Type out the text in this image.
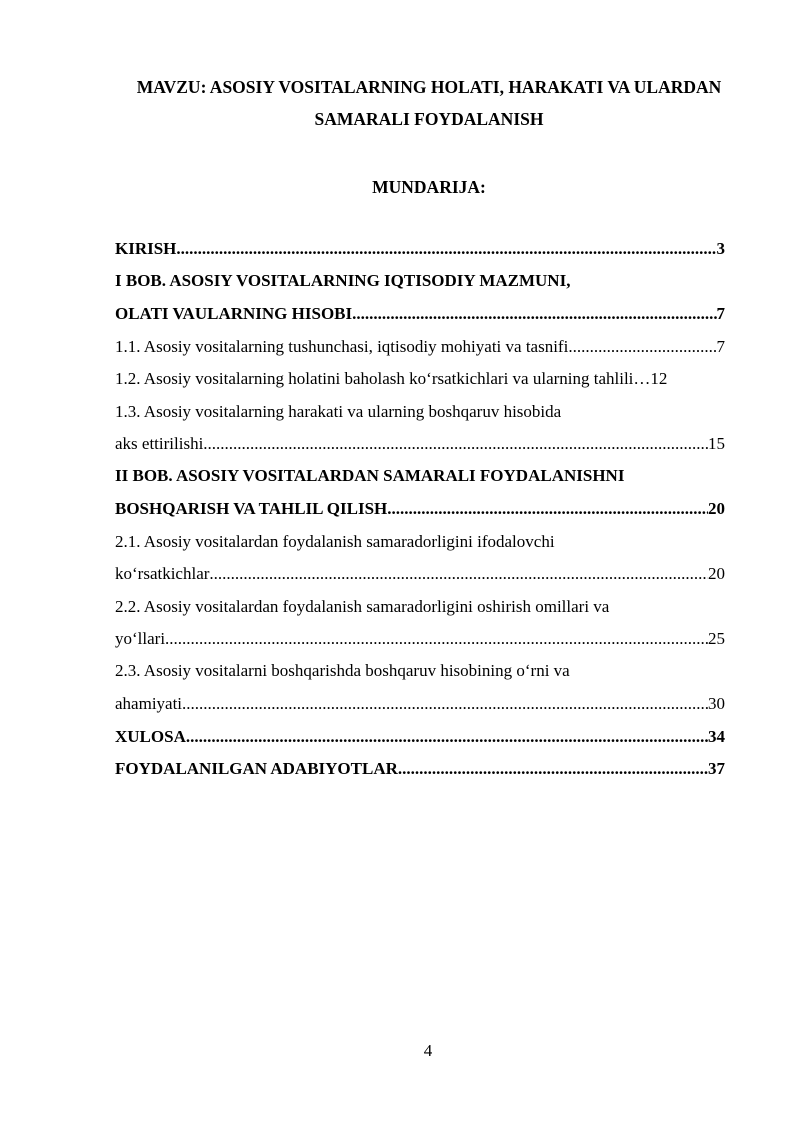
MAVZU: ASOSIY VOSITALARNING HOLATI, HARAKATI VA ULARDAN
SAMARALI FOYDALANISH
MUNDARIJA:
KIRISH .....	3
I BOB. ASOSIY VOSITALARNING IQTISODIY MAZMUNI,
OLATI VAULARNING HISOBI .....	7
1.1. Asosiy vositalarning tushunchasi, iqtisodiy mohiyati va tasnifi .....	7
1.2. Asosiy vositalarning holatini baholash ko‘rsatkichlari va ularning tahlili… 12
1.3. Asosiy vositalarning harakati va ularning boshqaruv hisobida
aks ettirilishi .....	15
II BOB. ASOSIY VOSITALARDAN SAMARALI FOYDALANISHNI
BOSHQARISH VA TAHLIL QILISH .....	20
2.1. Asosiy vositalardan foydalanish samaradorligini ifodalovchi
ko‘rsatkichlar .....	20
2.2. Asosiy vositalardan foydalanish samaradorligini oshirish omillari va
yo‘llari .....	25
2.3. Asosiy vositalarni boshqarishda boshqaruv hisobining o‘rni va
ahamiyati .....	30
XULOSA .....	34
FOYDALANILGAN ADABIYOTLAR .....	37
4
